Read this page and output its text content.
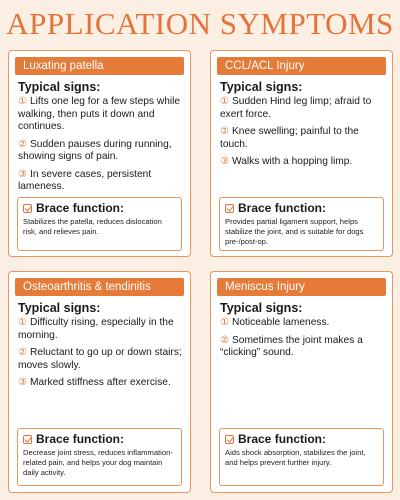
APPLICATION SYMPTOMS
Luxating patella
Typical signs:
① Lifts one leg for a few steps while walking, then puts it down and continues.
② Sudden pauses during running, showing signs of pain.
③ In severe cases, persistent lameness.
Brace function:
Stabilizes the patella, reduces dislocation risk, and relieves pain.
CCL/ACL Injury
Typical signs:
① Sudden Hind leg limp; afraid to exert force.
② Knee swelling; painful to the touch.
③ Walks with a hopping limp.
Brace function:
Provides partial ligament support, helps stabilize the joint, and is suitable for dogs pre-/post-op.
Osteoarthritis & tendinitis
Typical signs:
① Difficulty rising, especially in the morning.
② Reluctant to go up or down stairs; moves slowly.
③ Marked stiffness after exercise.
Brace function:
Decrease joint stress, reduces inflammation-related pain, and helps your dog maintain daily activity.
Meniscus Injury
Typical signs:
① Noticeable lameness.
② Sometimes the joint makes a “clicking” sound.
Brace function:
Aids shock absorption, stabilizes the joint, and helps prevent further injury.
